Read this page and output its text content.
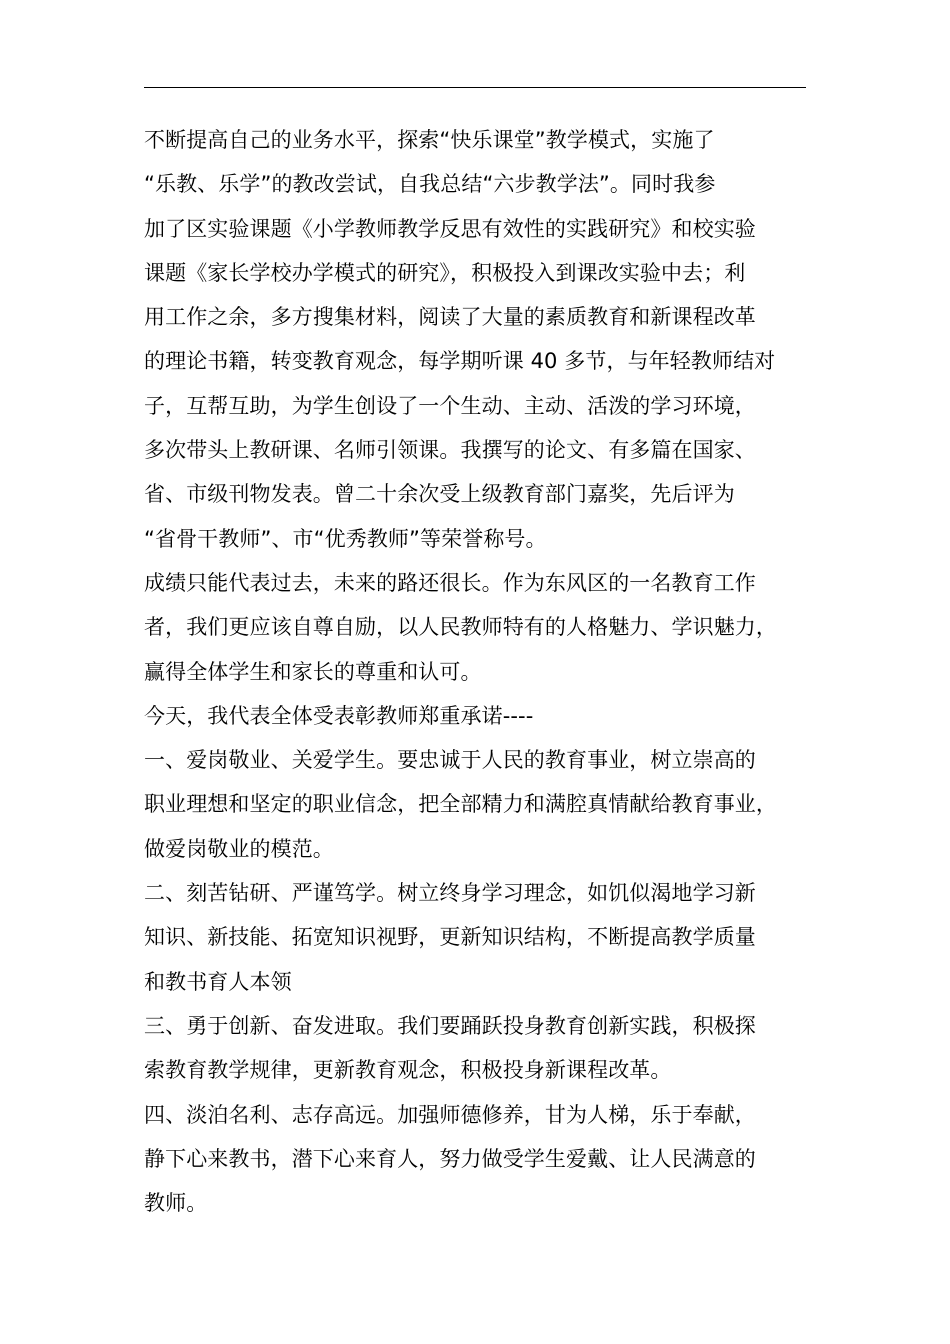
不断提高自己的业务水平，探索“快乐课堂”教学模式，实施了
“乐教、乐学”的教改尝试，自我总结“六步教学法”。同时我参
加了区实验课题《小学教师教学反思有效性的实践研究》和校实验
课题《家长学校办学模式的研究》，积极投入到课改实验中去；利
用工作之余，多方搜集材料，阅读了大量的素质教育和新课程改革
的理论书籍，转变教育观念，每学期听课 40 多节，与年轻教师结对
子，互帮互助，为学生创设了一个生动、主动、活泼的学习环境，
多次带头上教研课、名师引领课。我撰写的论文、有多篇在国家、
省、市级刊物发表。曾二十余次受上级教育部门嘉奖，先后评为
“省骨干教师”、市“优秀教师”等荣誉称号。
成绩只能代表过去，未来的路还很长。作为东风区的一名教育工作
者，我们更应该自尊自励，以人民教师特有的人格魅力、学识魅力，
赢得全体学生和家长的尊重和认可。
今天，我代表全体受表彰教师郑重承诺----
一、爱岗敬业、关爱学生。要忠诚于人民的教育事业，树立崇高的
职业理想和坚定的职业信念，把全部精力和满腔真情献给教育事业，
做爱岗敬业的模范。
二、刻苦钻研、严谨笃学。树立终身学习理念，如饥似渴地学习新
知识、新技能、拓宽知识视野，更新知识结构，不断提高教学质量
和教书育人本领
三、勇于创新、奋发进取。我们要踊跃投身教育创新实践，积极探
索教育教学规律，更新教育观念，积极投身新课程改革。
四、淡泊名利、志存高远。加强师德修养，甘为人梯，乐于奉献，
静下心来教书，潜下心来育人，努力做受学生爱戴、让人民满意的
教师。
